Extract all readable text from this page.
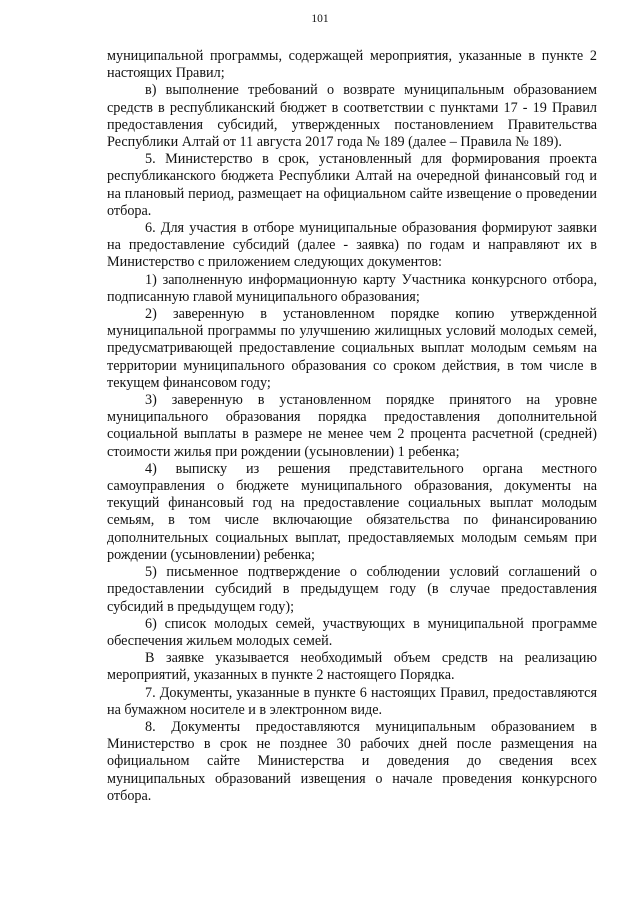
101

муниципальной программы, содержащей мероприятия, указанные в пункте 2 настоящих Правил;

в) выполнение требований о возврате муниципальным образованием средств в республиканский бюджет в соответствии с пунктами 17 - 19 Правил предоставления субсидий, утвержденных постановлением Правительства Республики Алтай от 11 августа 2017 года № 189 (далее – Правила № 189).

5. Министерство в срок, установленный для формирования проекта республиканского бюджета Республики Алтай на очередной финансовый год и на плановый период, размещает на официальном сайте извещение о проведении отбора.

6. Для участия в отборе муниципальные образования формируют заявки на предоставление субсидий (далее - заявка) по годам и направляют их в Министерство с приложением следующих документов:

1) заполненную информационную карту Участника конкурсного отбора, подписанную главой муниципального образования;

2) заверенную в установленном порядке копию утвержденной муниципальной программы по улучшению жилищных условий молодых семей, предусматривающей предоставление социальных выплат молодым семьям на территории муниципального образования со сроком действия, в том числе в текущем финансовом году;

3) заверенную в установленном порядке принятого на уровне муниципального образования порядка предоставления дополнительной социальной выплаты в размере не менее чем 2 процента расчетной (средней) стоимости жилья при рождении (усыновлении) 1 ребенка;

4) выписку из решения представительного органа местного самоуправления о бюджете муниципального образования, документы на текущий финансовый год на предоставление социальных выплат молодым семьям, в том числе включающие обязательства по финансированию дополнительных социальных выплат, предоставляемых молодым семьям при рождении (усыновлении) ребенка;

5) письменное подтверждение о соблюдении условий соглашений о предоставлении субсидий в предыдущем году (в случае предоставления субсидий в предыдущем году);

6) список молодых семей, участвующих в муниципальной программе обеспечения жильем молодых семей.

В заявке указывается необходимый объем средств на реализацию мероприятий, указанных в пункте 2 настоящего Порядка.

7. Документы, указанные в пункте 6 настоящих Правил, предоставляются на бумажном носителе и в электронном виде.

8. Документы предоставляются муниципальным образованием в Министерство в срок не позднее 30 рабочих дней после размещения на официальном сайте Министерства и доведения до сведения всех муниципальных образований извещения о начале проведения конкурсного отбора.
